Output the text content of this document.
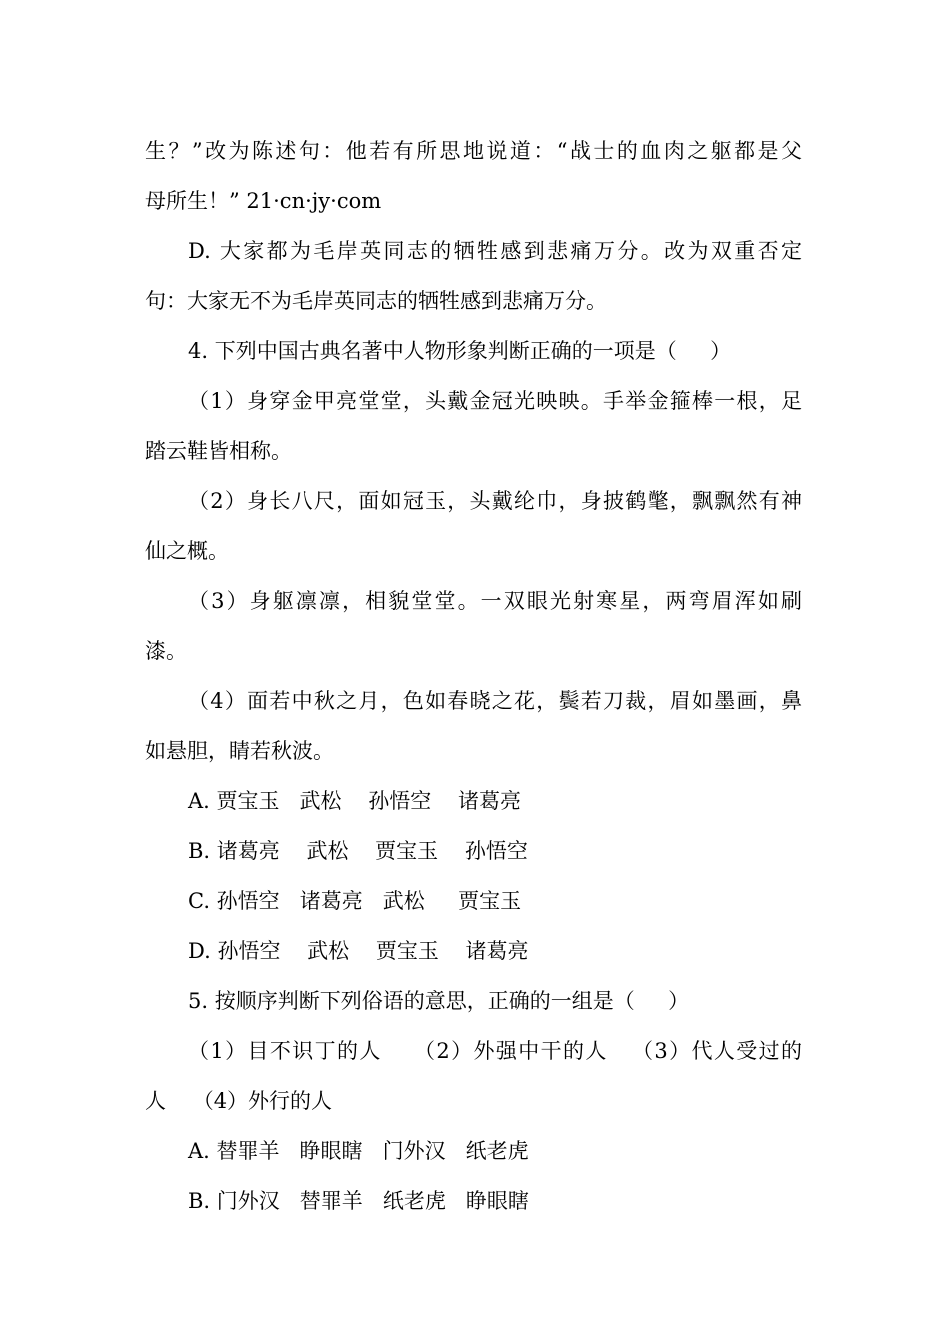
生？”改为陈述句：他若有所思地说道：“战士的血肉之躯都是父
母所生！” 21·cn·jy·com
D. 大家都为毛岸英同志的牺牲感到悲痛万分。改为双重否定
句：大家无不为毛岸英同志的牺牲感到悲痛万分。
4. 下列中国古典名著中人物形象判断正确的一项是（     ）
（1）身穿金甲亮堂堂，头戴金冠光映映。手举金箍棒一根，足
踏云鞋皆相称。
（2）身长八尺，面如冠玉，头戴纶巾，身披鹤氅，飘飘然有神
仙之概。
（3）身躯凛凛，相貌堂堂。一双眼光射寒星，两弯眉浑如刷
漆。
（4）面若中秋之月，色如春晓之花，鬓若刀裁，眉如墨画，鼻
如悬胆，睛若秋波。
A. 贾宝玉   武松    孙悟空    诸葛亮
B. 诸葛亮    武松    贾宝玉    孙悟空
C. 孙悟空   诸葛亮   武松     贾宝玉
D. 孙悟空    武松    贾宝玉    诸葛亮
5. 按顺序判断下列俗语的意思，正确的一组是（     ）
（1）目不识丁的人    （2）外强中干的人   （3）代人受过的
人    （4）外行的人
A. 替罪羊   睁眼瞎   门外汉   纸老虎
B. 门外汉   替罪羊   纸老虎   睁眼瞎
